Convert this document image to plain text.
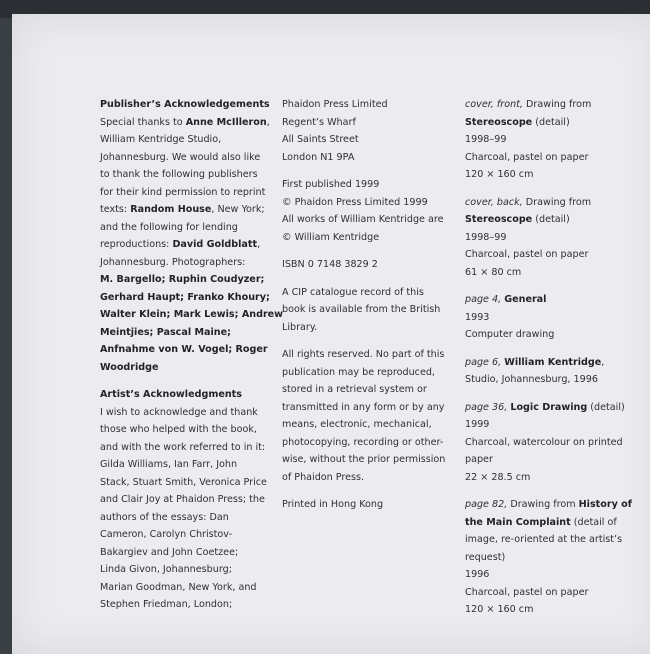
Publisher’s Acknowledgements
Special thanks to Anne McIlleron,
William Kentridge Studio,
Johannesburg. We would also like
to thank the following publishers
for their kind permission to reprint
texts: Random House, New York;
and the following for lending
reproductions: David Goldblatt,
Johannesburg. Photographers:
M. Bargello; Ruphin Coudyzer;
Gerhard Haupt; Franko Khoury;
Walter Klein; Mark Lewis; Andrew
Meintjies; Pascal Maine;
Anfnahme von W. Vogel; Roger
Woodridge
Artist’s Acknowledgments
I wish to acknowledge and thank
those who helped with the book,
and with the work referred to in it:
Gilda Williams, Ian Farr, John
Stack, Stuart Smith, Veronica Price
and Clair Joy at Phaidon Press; the
authors of the essays: Dan
Cameron, Carolyn Christov-
Bakargiev and John Coetzee;
Linda Givon, Johannesburg;
Marian Goodman, New York, and
Stephen Friedman, London;
Phaidon Press Limited
Regent’s Wharf
All Saints Street
London N1 9PA
First published 1999
© Phaidon Press Limited 1999
All works of William Kentridge are
© William Kentridge
ISBN 0 7148 3829 2
A CIP catalogue record of this
book is available from the British
Library.
All rights reserved. No part of this
publication may be reproduced,
stored in a retrieval system or
transmitted in any form or by any
means, electronic, mechanical,
photocopying, recording or other-
wise, without the prior permission
of Phaidon Press.
Printed in Hong Kong
cover, front, Drawing from
Stereoscope (detail)
1998–99
Charcoal, pastel on paper
120 × 160 cm
cover, back, Drawing from
Stereoscope (detail)
1998–99
Charcoal, pastel on paper
61 × 80 cm
page 4, General
1993
Computer drawing
page 6, William Kentridge,
Studio, Johannesburg, 1996
page 36, Logic Drawing (detail)
1999
Charcoal, watercolour on printed
paper
22 × 28.5 cm
page 82, Drawing from History of
the Main Complaint (detail of
image, re-oriented at the artist’s
request)
1996
Charcoal, pastel on paper
120 × 160 cm
